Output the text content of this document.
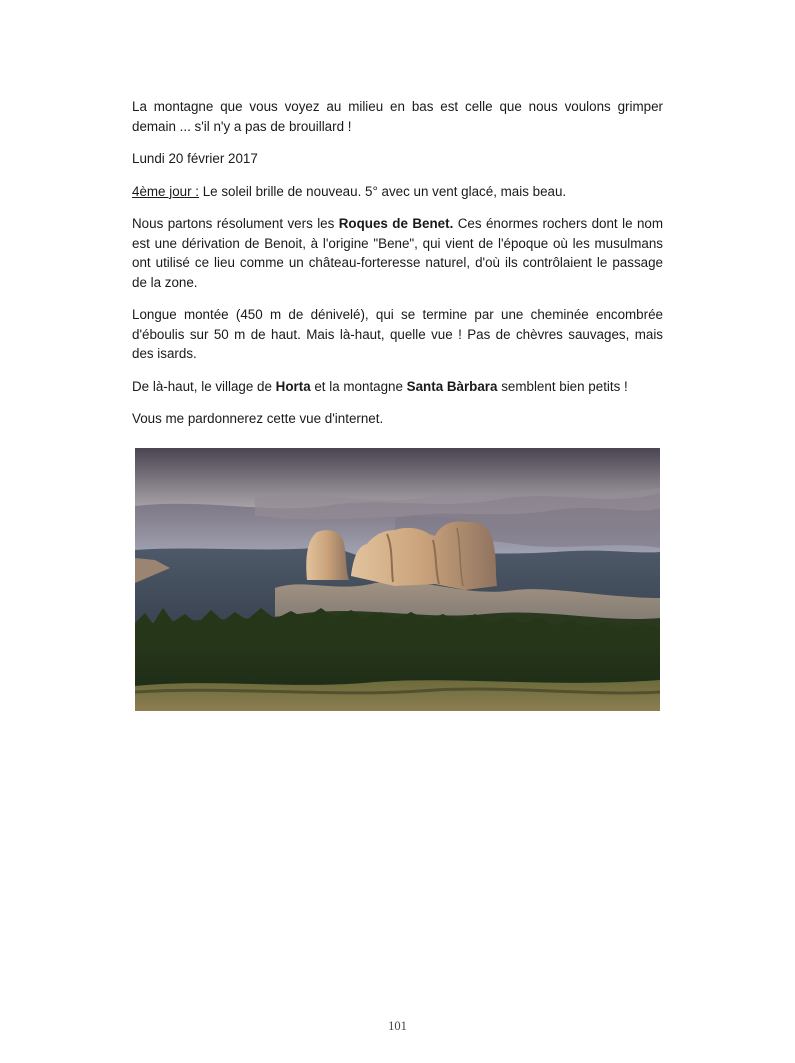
La montagne que vous voyez au milieu en bas est celle que nous voulons grimper demain ... s'il n'y a pas de brouillard !

Lundi 20 février 2017

4ème jour : Le soleil brille de nouveau. 5° avec un vent glacé, mais beau.

Nous partons résolument vers les Roques de Benet. Ces énormes rochers dont le nom est une dérivation de Benoit, à l'origine "Bene", qui vient de l'époque où les musulmans ont utilisé ce lieu comme un château-forteresse naturel, d'où ils contrôlaient le passage de la zone.

Longue montée (450 m de dénivelé), qui se termine par une cheminée encombrée d'éboulis sur 50 m de haut. Mais là-haut, quelle vue ! Pas de chèvres sauvages, mais des isards.

De là-haut, le village de Horta et la montagne Santa Bàrbara semblent bien petits !

Vous me pardonnerez cette vue d'internet.

101
